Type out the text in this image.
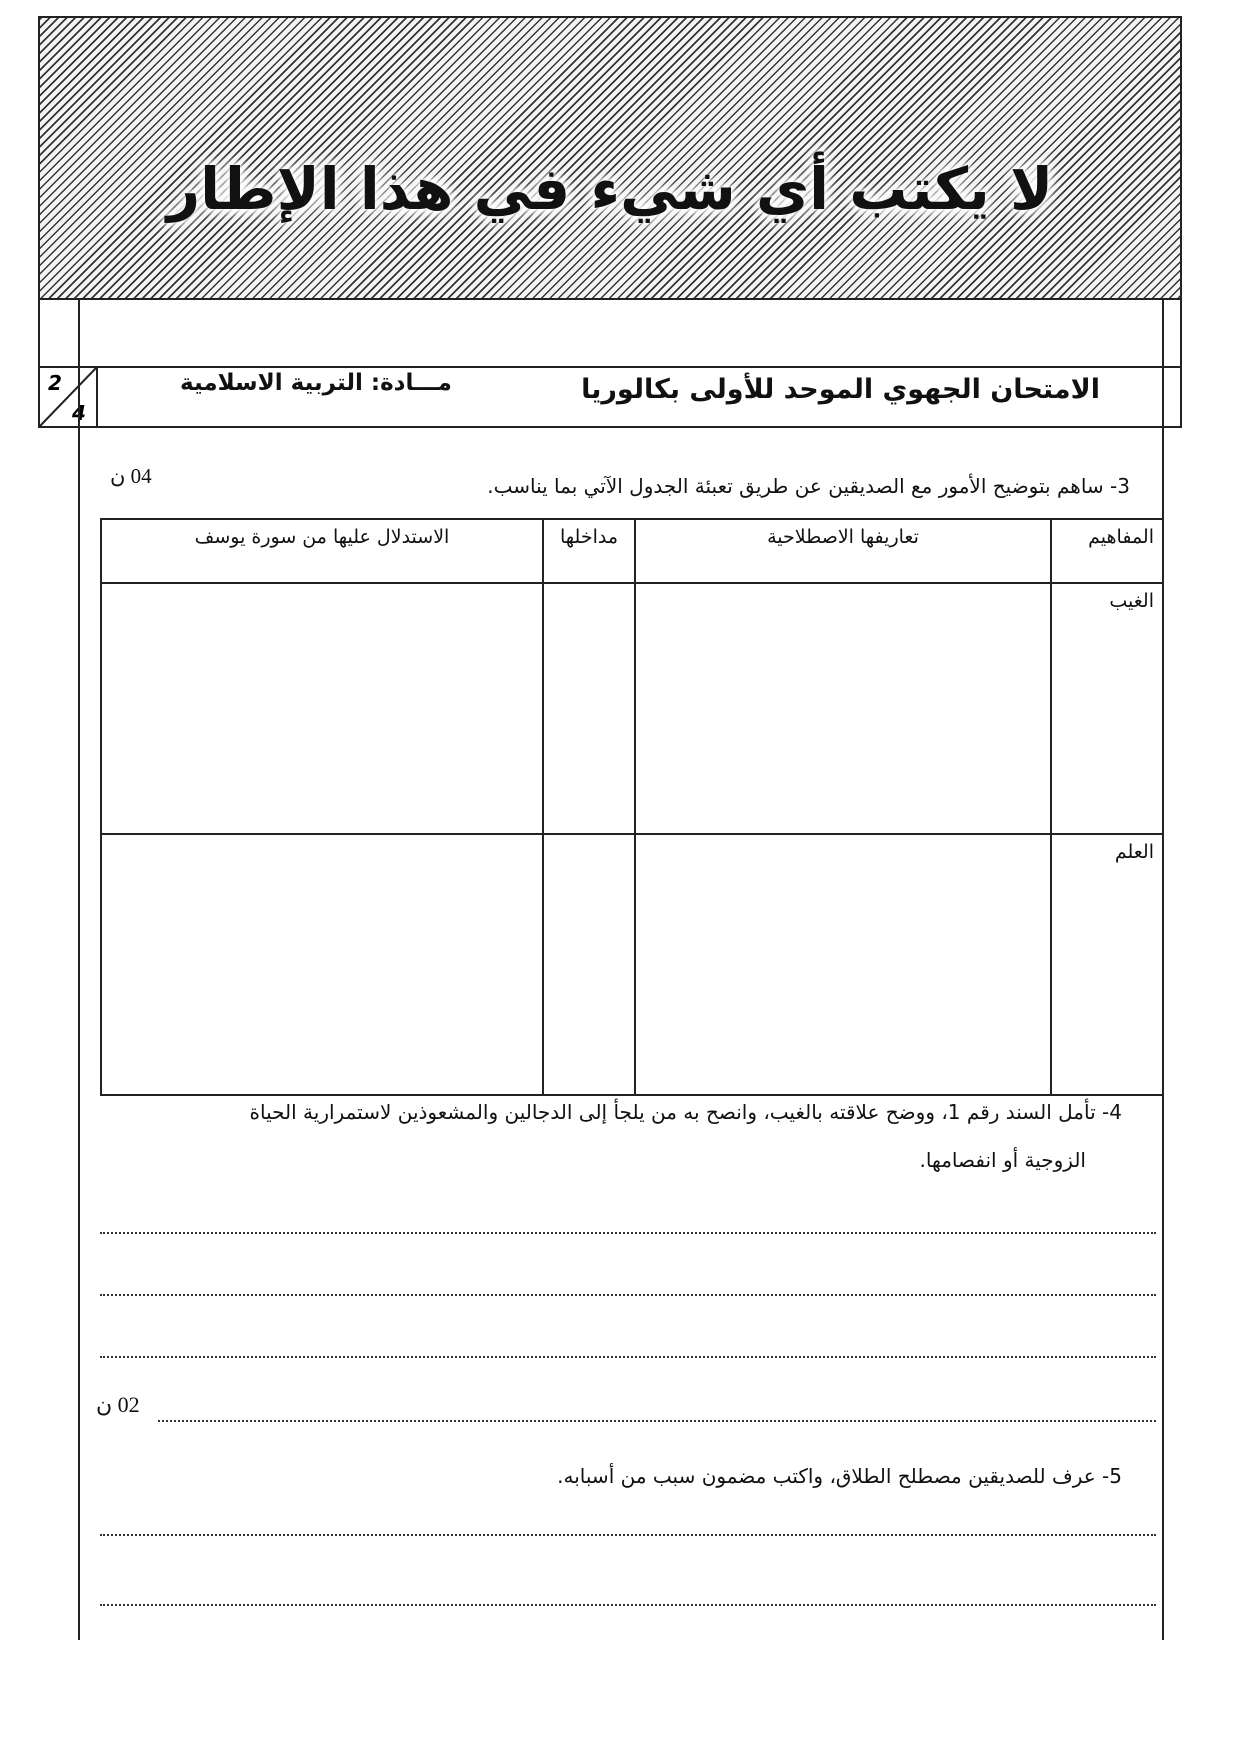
لا يكتب أي شيء في هذا الإطار
2
4
الامتحان الجهوي الموحد للأولى بكالوريا
مـــادة: التربية الاسلامية
3- ساهم بتوضيح الأمور مع الصديقين عن طريق تعبئة الجدول الآتي بما يناسب.
04 ن
المفاهيم	تعاريفها الاصطلاحية	مداخلها	الاستدلال عليها من سورة يوسف
الغيب			
العلم			
4- تأمل السند رقم 1، ووضح علاقته بالغيب، وانصح به من يلجأ إلى الدجالين والمشعوذين لاستمرارية الحياة
الزوجية أو انفصامها.
02 ن
5- عرف للصديقين مصطلح الطلاق، واكتب مضمون سبب من أسبابه.
